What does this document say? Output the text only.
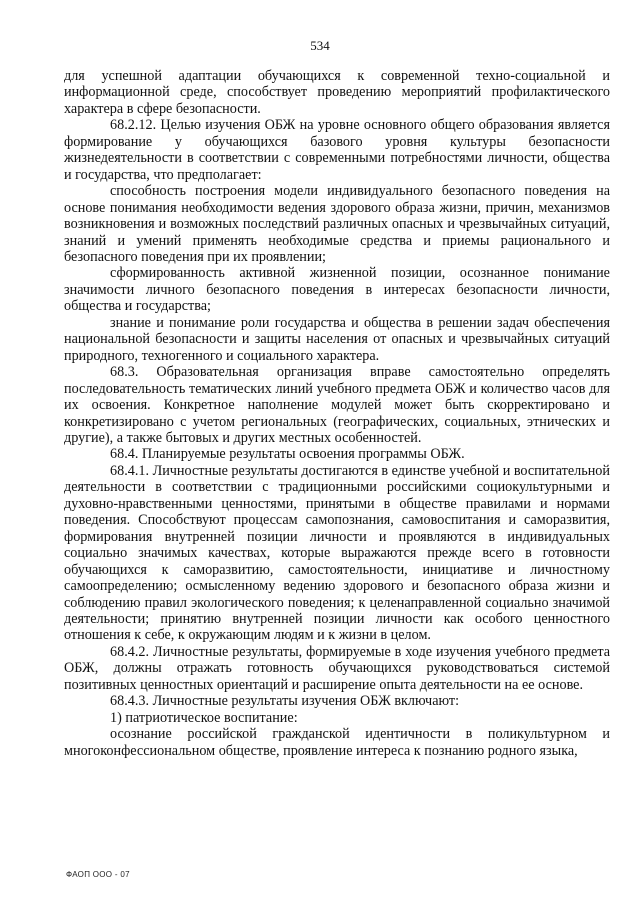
534

для успешной адаптации обучающихся к современной техно-социальной и информационной среде, способствует проведению мероприятий профилактического характера в сфере безопасности.

68.2.12. Целью изучения ОБЖ на уровне основного общего образования является формирование у обучающихся базового уровня культуры безопасности жизнедеятельности в соответствии с современными потребностями личности, общества и государства, что предполагает:

способность построения модели индивидуального безопасного поведения на основе понимания необходимости ведения здорового образа жизни, причин, механизмов возникновения и возможных последствий различных опасных и чрезвычайных ситуаций, знаний и умений применять необходимые средства и приемы рационального и безопасного поведения при их проявлении;

сформированность активной жизненной позиции, осознанное понимание значимости личного безопасного поведения в интересах безопасности личности, общества и государства;

знание и понимание роли государства и общества в решении задач обеспечения национальной безопасности и защиты населения от опасных и чрезвычайных ситуаций природного, техногенного и социального характера.

68.3. Образовательная организация вправе самостоятельно определять последовательность тематических линий учебного предмета ОБЖ и количество часов для их освоения. Конкретное наполнение модулей может быть скорректировано и конкретизировано с учетом региональных (географических, социальных, этнических и другие), а также бытовых и других местных особенностей.

68.4. Планируемые результаты освоения программы ОБЖ.

68.4.1. Личностные результаты достигаются в единстве учебной и воспитательной деятельности в соответствии с традиционными российскими социокультурными и духовно-нравственными ценностями, принятыми в обществе правилами и нормами поведения. Способствуют процессам самопознания, самовоспитания и саморазвития, формирования внутренней позиции личности и проявляются в индивидуальных социально значимых качествах, которые выражаются прежде всего в готовности обучающихся к саморазвитию, самостоятельности, инициативе и личностному самоопределению; осмысленному ведению здорового и безопасного образа жизни и соблюдению правил экологического поведения; к целенаправленной социально значимой деятельности; принятию внутренней позиции личности как особого ценностного отношения к себе, к окружающим людям и к жизни в целом.

68.4.2. Личностные результаты, формируемые в ходе изучения учебного предмета ОБЖ, должны отражать готовность обучающихся руководствоваться системой позитивных ценностных ориентаций и расширение опыта деятельности на ее основе.

68.4.3. Личностные результаты изучения ОБЖ включают:

1) патриотическое воспитание:

осознание российской гражданской идентичности в поликультурном и многоконфессиональном обществе, проявление интереса к познанию родного языка,

ФАОП ООО - 07
